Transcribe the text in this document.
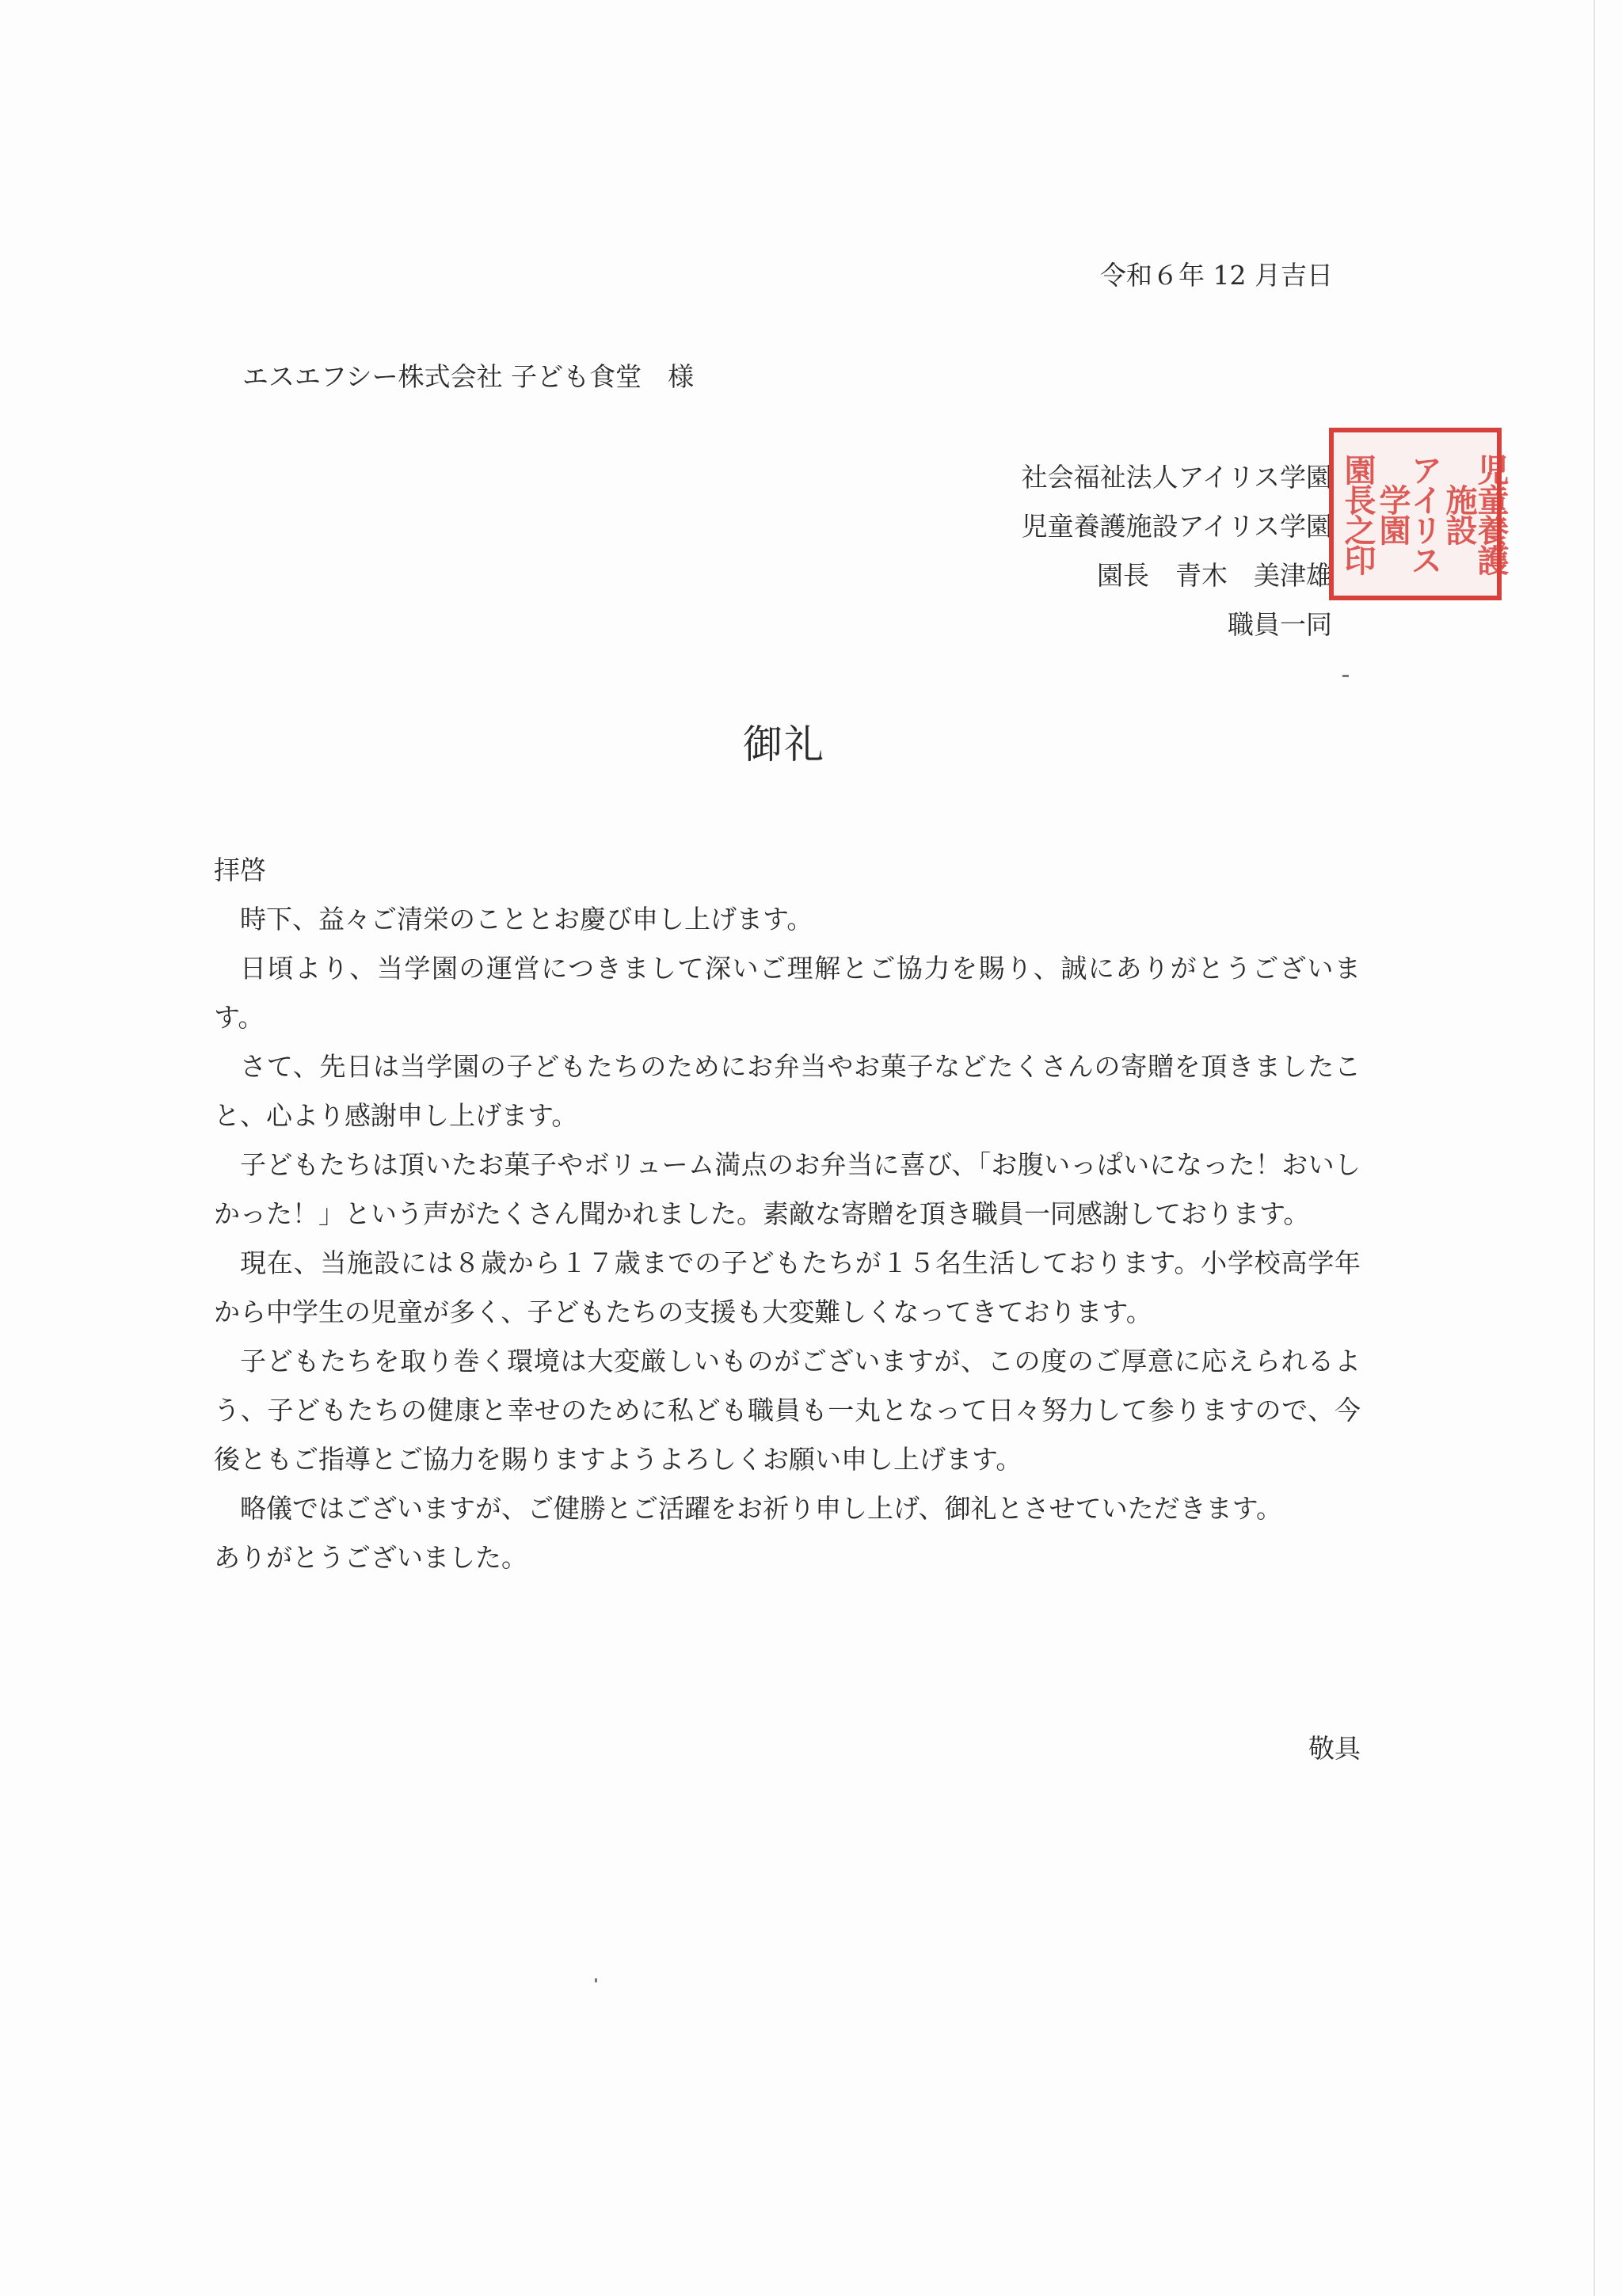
令和６年 12 月吉日
エスエフシー株式会社 子ども食堂　様
社会福祉法人アイリス学園
児童養護施設アイリス学園
園長　青木　美津雄
職員一同
園長之印 アイリス学園	児童養護施設
御礼

拝啓

時下、益々ご清栄のこととお慶び申し上げます。

日頃より、当学園の運営につきまして深いご理解とご協力を賜り、誠にありがとうございます。

さて、先日は当学園の子どもたちのためにお弁当やお菓子などたくさんの寄贈を頂きましたこと、心より感謝申し上げます。

子どもたちは頂いたお菓子やボリューム満点のお弁当に喜び、「お腹いっぱいになった！おいしかった！」という声がたくさん聞かれました。素敵な寄贈を頂き職員一同感謝しております。

現在、当施設には８歳から１７歳までの子どもたちが１５名生活しております。小学校高学年から中学生の児童が多く、子どもたちの支援も大変難しくなってきております。

子どもたちを取り巻く環境は大変厳しいものがございますが、この度のご厚意に応えられるよう、子どもたちの健康と幸せのために私ども職員も一丸となって日々努力して参りますので、今後ともご指導とご協力を賜りますようよろしくお願い申し上げます。

略儀ではございますが、ご健勝とご活躍をお祈り申し上げ、御礼とさせていただきます。

ありがとうございました。

敬具
